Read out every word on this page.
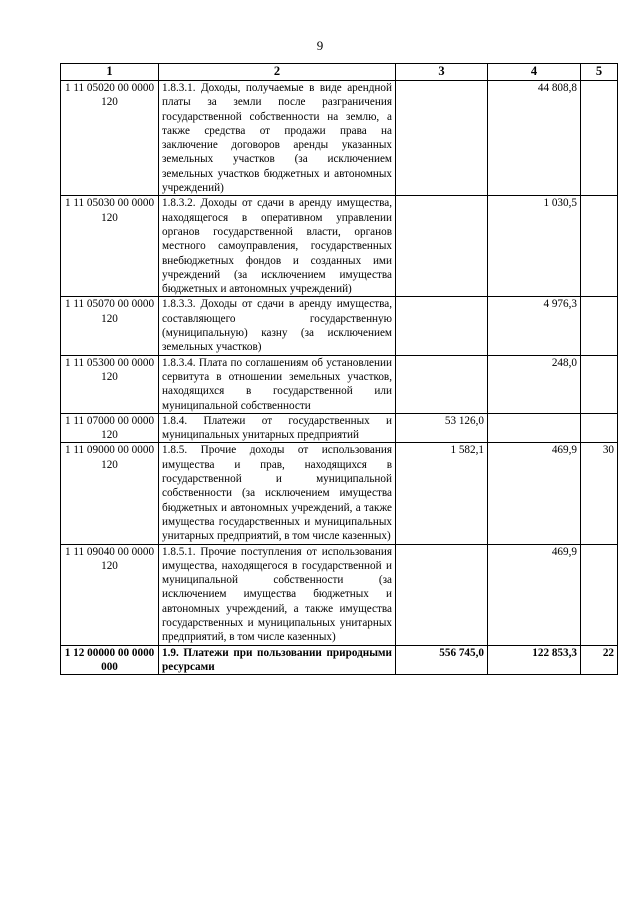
9
1	2	3	4	5
1 11 05020 00 0000 120	1.8.3.1. Доходы, получаемые в виде арендной платы за земли после разграничения государственной собственности на землю, а также средства от продажи права на заключение договоров аренды указанных земельных участков (за исключением земельных участков бюджетных и автономных учреждений)		44 808,8	
1 11 05030 00 0000 120	1.8.3.2. Доходы от сдачи в аренду имущества, находящегося в оперативном управлении органов государственной власти, органов местного самоуправления, государственных внебюджетных фондов и созданных ими учреждений (за исключением имущества бюджетных и автономных учреждений)		1 030,5	
1 11 05070 00 0000 120	1.8.3.3. Доходы от сдачи в аренду имущества, составляющего государственную (муниципальную) казну (за исключением земельных участков)		4 976,3	
1 11 05300 00 0000 120	1.8.3.4. Плата по соглашениям об установлении сервитута в отношении земельных участков, находящихся в государственной или муниципальной собственности		248,0	
1 11 07000 00 0000 120	1.8.4. Платежи от государственных и муниципальных унитарных предприятий	53 126,0		
1 11 09000 00 0000 120	1.8.5. Прочие доходы от использования имущества и прав, находящихся в государственной и муниципальной собственности (за исключением имущества бюджетных и автономных учреждений, а также имущества государственных и муниципальных унитарных предприятий, в том числе казенных)	1 582,1	469,9	30
1 11 09040 00 0000 120	1.8.5.1. Прочие поступления от использования имущества, находящегося в государственной и муниципальной собственности (за исключением имущества бюджетных и автономных учреждений, а также имущества государственных и муниципальных унитарных предприятий, в том числе казенных)		469,9	
1 12 00000 00 0000 000	1.9. Платежи при пользовании природными ресурсами	556 745,0	122 853,3	22
